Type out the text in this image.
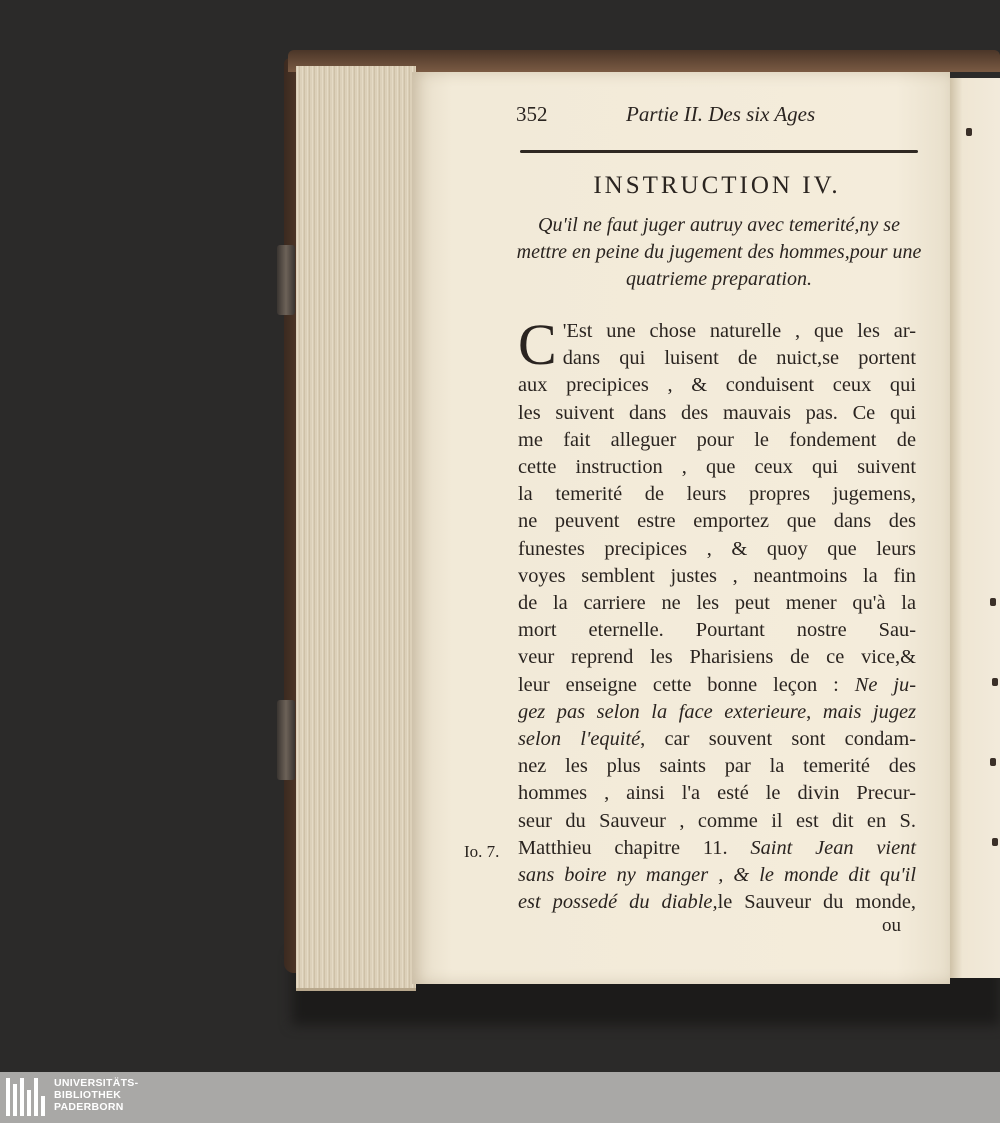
352	Partie II. Des six Ages
INSTRUCTION IV.
Qu'il ne faut juger autruy avec temerité,ny se mettre en peine du jugement des hommes,pour une quatrieme preparation.
C 'Est une chose naturelle , que les ar-
dans qui luisent de nuict,se portent
aux precipices , & conduisent ceux qui
les suivent dans des mauvais pas. Ce qui
me fait alleguer pour le fondement de
cette instruction , que ceux qui suivent
la temerité de leurs propres jugemens,
ne peuvent estre emportez que dans des
funestes precipices , & quoy que leurs
voyes semblent justes , neantmoins la fin
de la carriere ne les peut mener qu'à la
mort eternelle. Pourtant nostre Sau-
veur reprend les Pharisiens de ce vice,&
leur enseigne cette bonne leçon : Ne ju-
gez pas selon la face exterieure, mais jugez
selon l'equité, car souvent sont condam-
nez les plus saints par la temerité des
hommes , ainsi l'a esté le divin Precur-
seur du Sauveur , comme il est dit en S.
Matthieu chapitre 11. Saint Jean vient
sans boire ny manger , & le monde dit qu'il
est possedé du diable,le Sauveur du monde,
Io. 7.
ou
UNIVERSITÄTS-
BIBLIOTHEK
PADERBORN
